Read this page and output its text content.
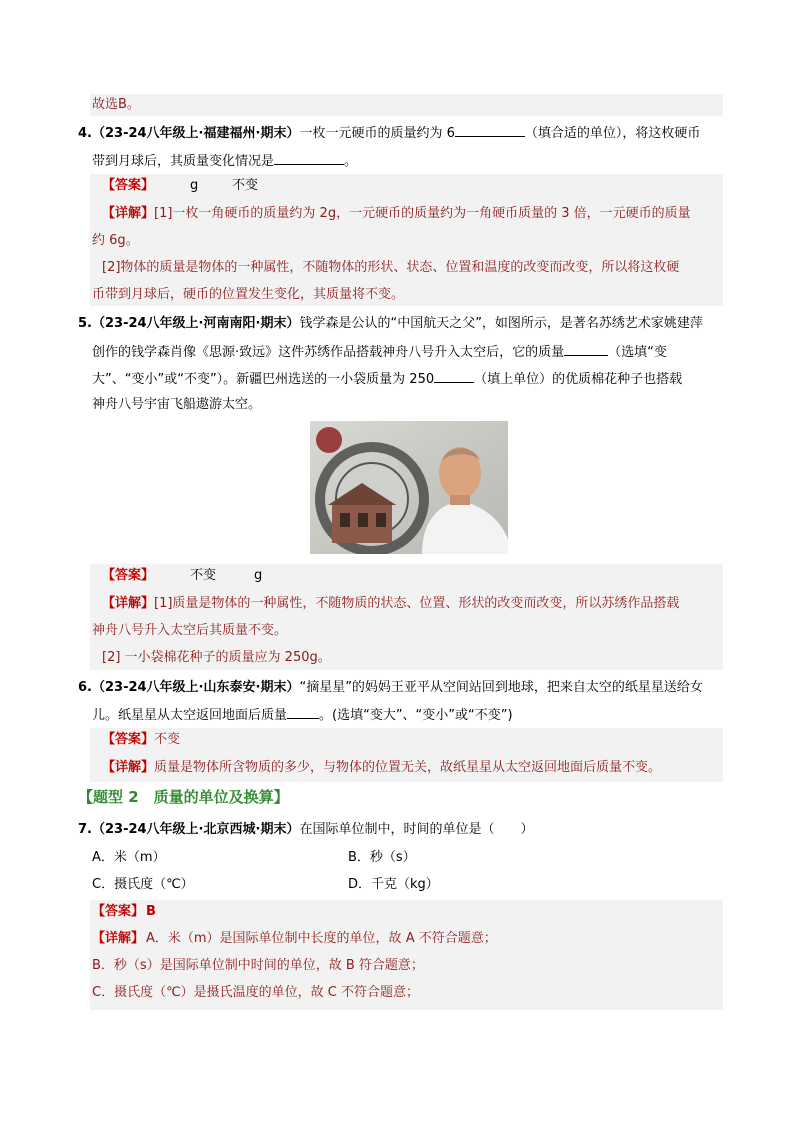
故选B。
4.（23-24八年级上·福建福州·期末）一枚一元硬币的质量约为 6	（填合适的单位），将这枚硬币
带到月球后，其质量变化情况是	。
【答案】	g	不变
【详解】 [1]一枚一角硬币的质量约为 2g，一元硬币的质量约为一角硬币质量的 3 倍，一元硬币的质量
约 6g。
[2]物体的质量是物体的一种属性，不随物体的形状、状态、位置和温度的改变而改变，所以将这枚硬
币带到月球后，硬币的位置发生变化，其质量将不变。
5.（23-24八年级上·河南南阳·期末）钱学森是公认的“中国航天之父”，如图所示，是著名苏绣艺术家姚建萍
创作的钱学森肖像《思源·致远》这件苏绣作品搭载神舟八号升入太空后，它的质量	（选填“变
大”、“变小”或“不变”）。新疆巴州选送的一小袋质量为 250	（填上单位）的优质棉花种子也搭载
神舟八号宇宙飞船遨游太空。
【答案】	不变	g
【详解】 [1]质量是物体的一种属性，不随物质的状态、位置、形状的改变而改变，所以苏绣作品搭载
神舟八号升入太空后其质量不变。
[2] 一小袋棉花种子的质量应为 250g。
6.（23-24八年级上·山东泰安·期末）“摘星星”的妈妈王亚平从空间站回到地球，把来自太空的纸星星送给女
儿。纸星星从太空返回地面后质量 。(选填“变大”、“变小”或“不变”)
【答案】 不变
【详解】 质量是物体所含物质的多少，与物体的位置无关，故纸星星从太空返回地面后质量不变。
【题型 2　质量的单位及换算】
7.（23-24八年级上·北京西城·期末）在国际单位制中，时间的单位是（　　）
A．米（m）	B．秒（s）
C．摄氏度（℃）	D．千克（kg）
【答案】 B
【详解】 A．米（m）是国际单位制中长度的单位，故 A 不符合题意；
B．秒（s）是国际单位制中时间的单位，故 B 符合题意；
C．摄氏度（℃）是摄氏温度的单位，故 C 不符合题意；
